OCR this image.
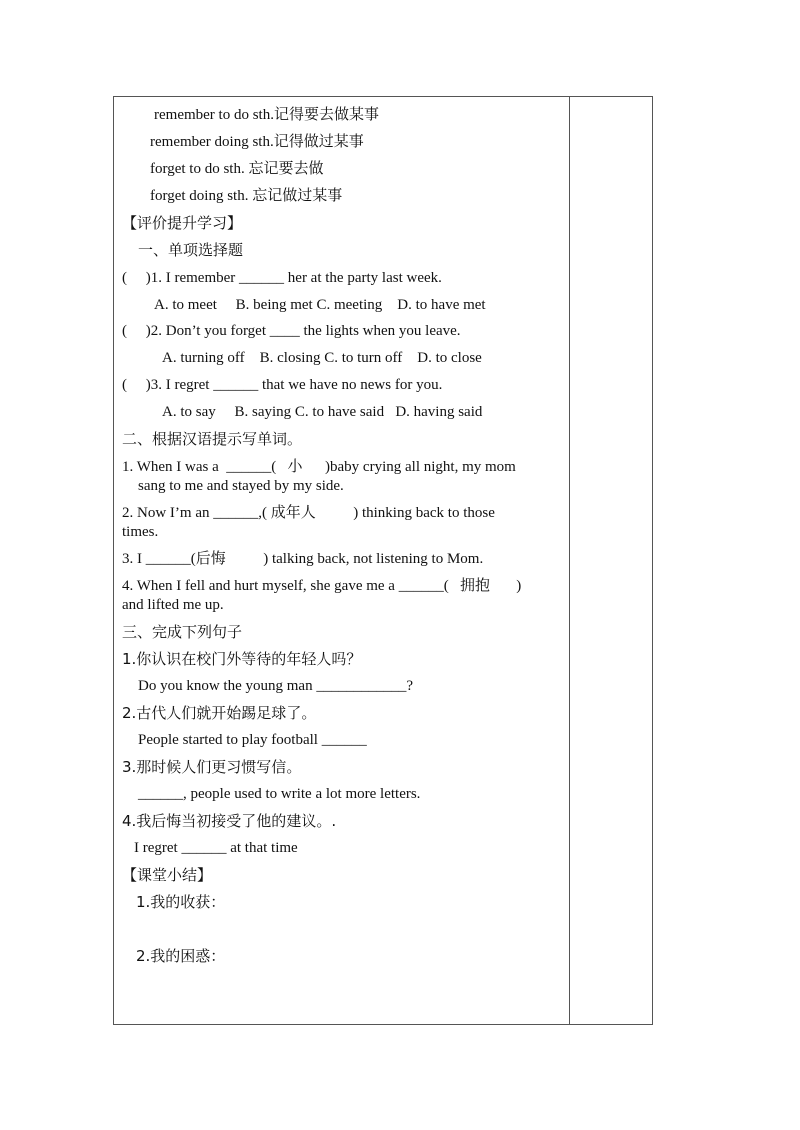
remember to do sth.记得要去做某事
remember doing sth.记得做过某事
forget to do sth. 忘记要去做
forget doing sth. 忘记做过某事
【评价提升学习】
一、单项选择题
(     )1. I remember ______ her at the party last week.
A. to meet     B. being met C. meeting    D. to have met
(     )2. Don’t you forget ____ the lights when you leave.
A. turning off    B. closing C. to turn off    D. to close
(     )3. I regret ______ that we have no news for you.
A. to say     B. saying C. to have said   D. having said
二、根据汉语提示写单词。
1. When I was a  ______(   小      )baby crying all night, my mom
sang to me and stayed by my side.
2. Now I’m an ______,( 成年人          ) thinking back to those
times.
3. I ______(后悔          ) talking back, not listening to Mom.
4. When I fell and hurt myself, she gave me a ______(   拥抱       )
and lifted me up.
三、完成下列句子
1.你认识在校门外等待的年轻人吗？
Do you know the young man ____________?
2.古代人们就开始踢足球了。
People started to play football ______
3.那时候人们更习惯写信。
______, people used to write a lot more letters.
4.我后悔当初接受了他的建议。.
I regret ______ at that time
【课堂小结】
1.我的收获：
2.我的困惑：
